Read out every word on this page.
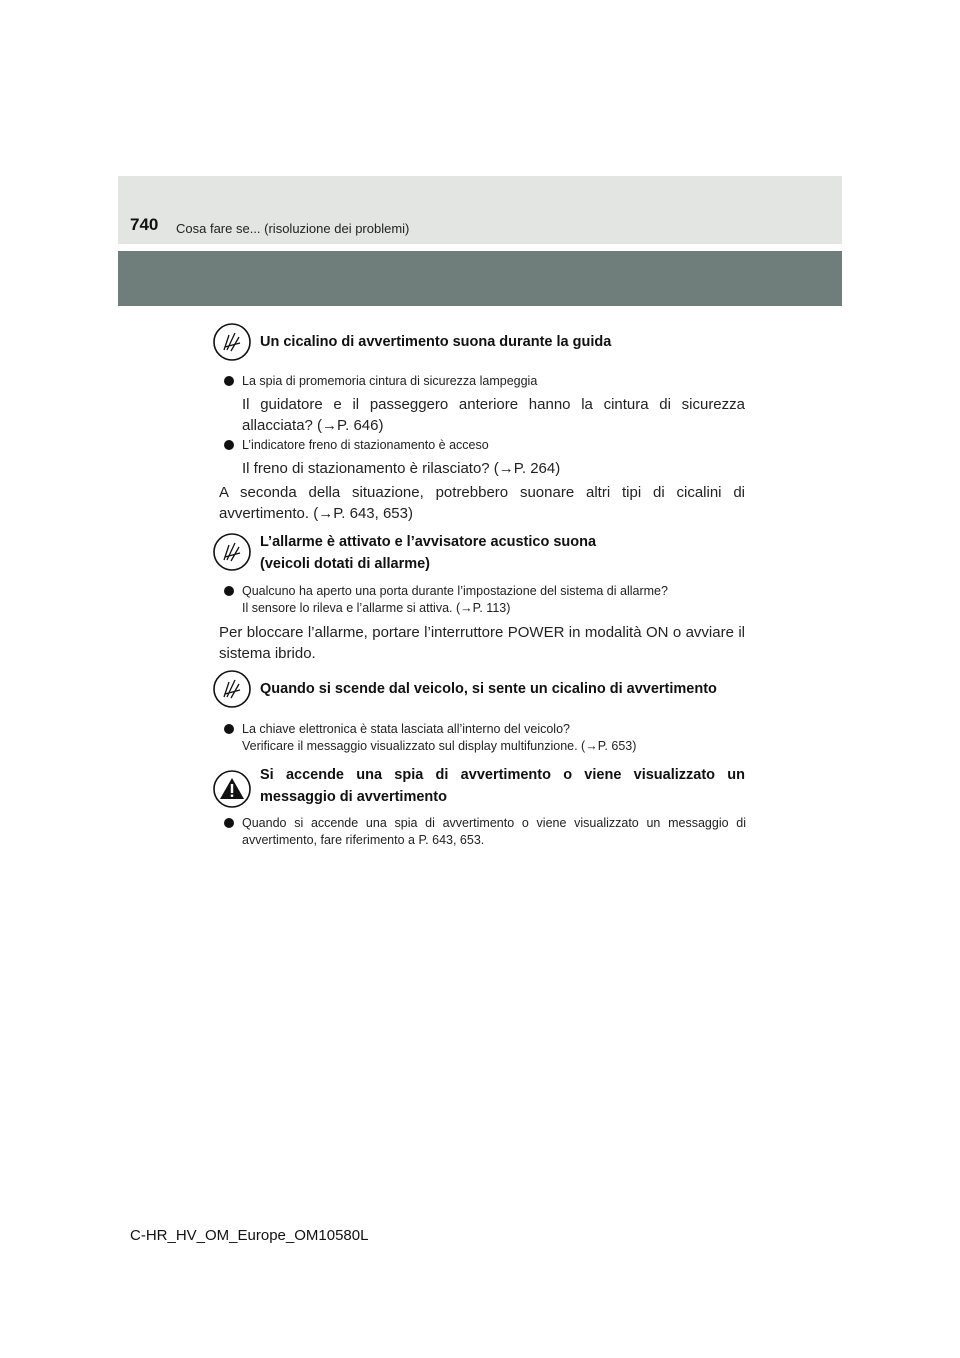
740 Cosa fare se... (risoluzione dei problemi)
Un cicalino di avvertimento suona durante la guida
La spia di promemoria cintura di sicurezza lampeggia
Il guidatore e il passeggero anteriore hanno la cintura di sicurezza allacciata? (→P. 646)
L’indicatore freno di stazionamento è acceso
Il freno di stazionamento è rilasciato? (→P. 264)
A seconda della situazione, potrebbero suonare altri tipi di cicalini di avvertimento. (→P. 643, 653)
L’allarme è attivato e l’avvisatore acustico suona
(veicoli dotati di allarme)
Qualcuno ha aperto una porta durante l’impostazione del sistema di allarme?
Il sensore lo rileva e l’allarme si attiva. (→P. 113)
Per bloccare l’allarme, portare l’interruttore POWER in modalità ON o avviare il sistema ibrido.
Quando si scende dal veicolo, si sente un cicalino di avvertimento
La chiave elettronica è stata lasciata all’interno del veicolo?
Verificare il messaggio visualizzato sul display multifunzione. (→P. 653)
Si accende una spia di avvertimento o viene visualizzato un messaggio di avvertimento
Quando si accende una spia di avvertimento o viene visualizzato un messaggio di avvertimento, fare riferimento a P. 643, 653.
C-HR_HV_OM_Europe_OM10580L
